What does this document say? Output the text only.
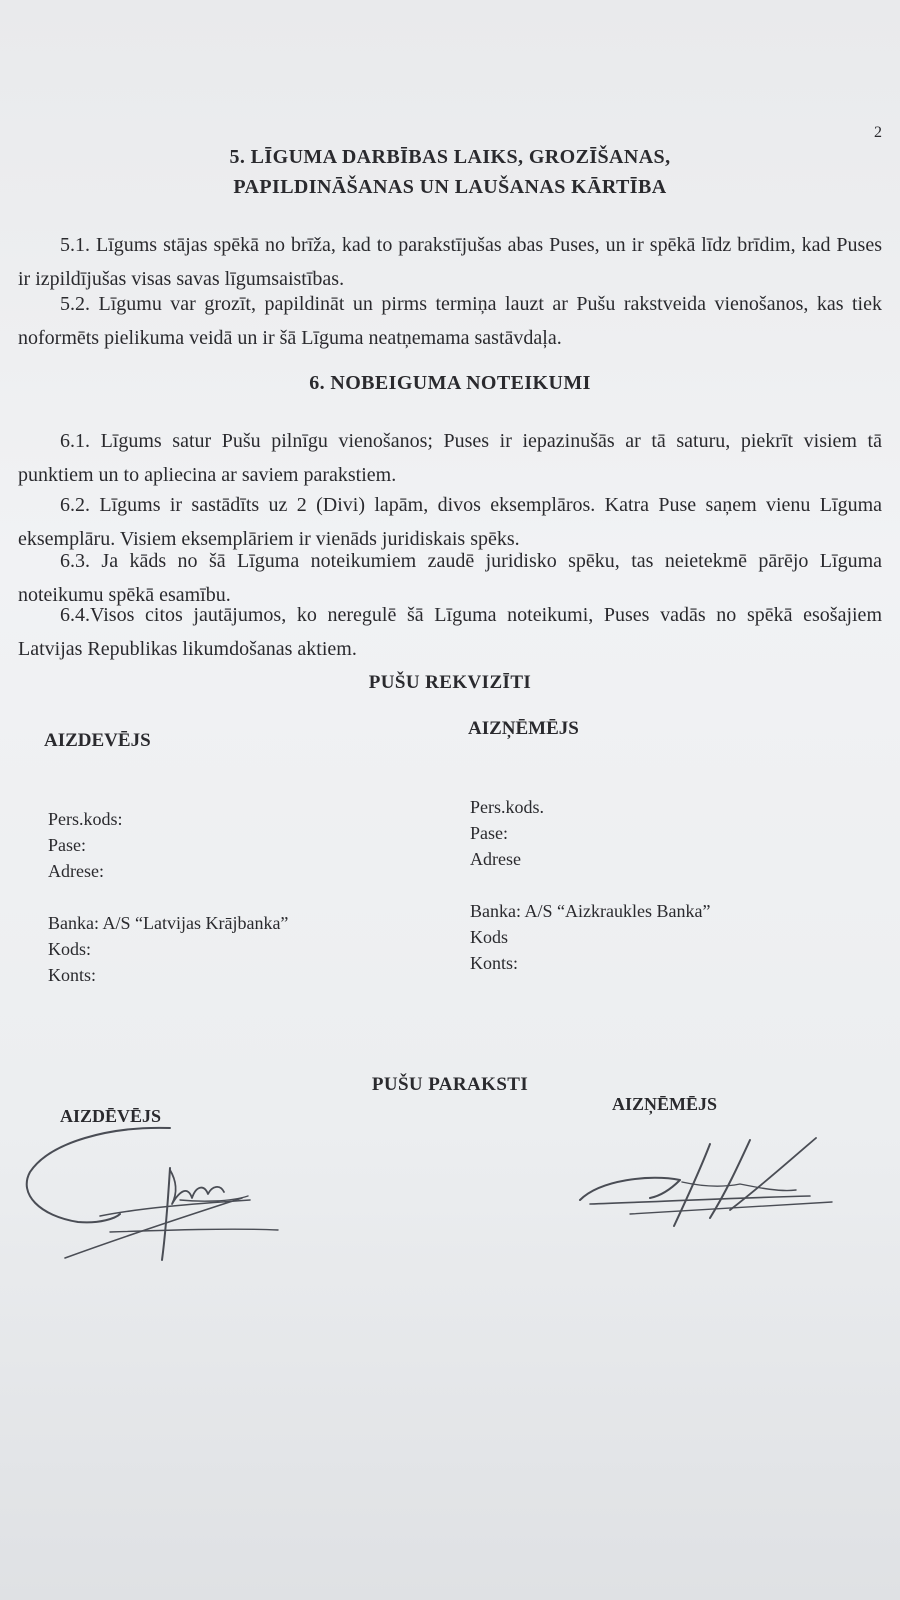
2
5. LĪGUMA DARBĪBAS LAIKS, GROZĪŠANAS,
PAPILDINĀŠANAS UN LAUŠANAS KĀRTĪBA

5.1. Līgums stājas spēkā no brīža, kad to parakstījušas abas Puses, un ir spēkā līdz brīdim, kad Puses ir izpildījušas visas savas līgumsaistības.

5.2. Līgumu var grozīt, papildināt un pirms termiņa lauzt ar Pušu rakstveida vienošanos, kas tiek noformēts pielikuma veidā un ir šā Līguma neatņemama sastāvdaļa.

6. NOBEIGUMA NOTEIKUMI

6.1. Līgums satur Pušu pilnīgu vienošanos; Puses ir iepazinušās ar tā saturu, piekrīt visiem tā punktiem un to apliecina ar saviem parakstiem.

6.2. Līgums ir sastādīts uz 2 (Divi) lapām, divos eksemplāros. Katra Puse saņem vienu Līguma eksemplāru. Visiem eksemplāriem ir vienāds juridiskais spēks.

6.3. Ja kāds no šā Līguma noteikumiem zaudē juridisko spēku, tas neietekmē pārējo Līguma noteikumu spēkā esamību.

6.4.Visos citos jautājumos, ko neregulē šā Līguma noteikumi, Puses vadās no spēkā esošajiem Latvijas Republikas likumdošanas aktiem.

PUŠU REKVIZĪTI
AIZDEVĒJS
AIZŅĒMĒJS
Pers.kods:
Pase:
Adrese:
Banka: A/S “Latvijas Krājbanka”
Kods:
Konts:
Pers.kods.
Pase:
Adrese
Banka: A/S “Aizkraukles Banka”
Kods
Konts:
PUŠU PARAKSTI
AIZDĒVĒJS
AIZŅĒMĒJS
